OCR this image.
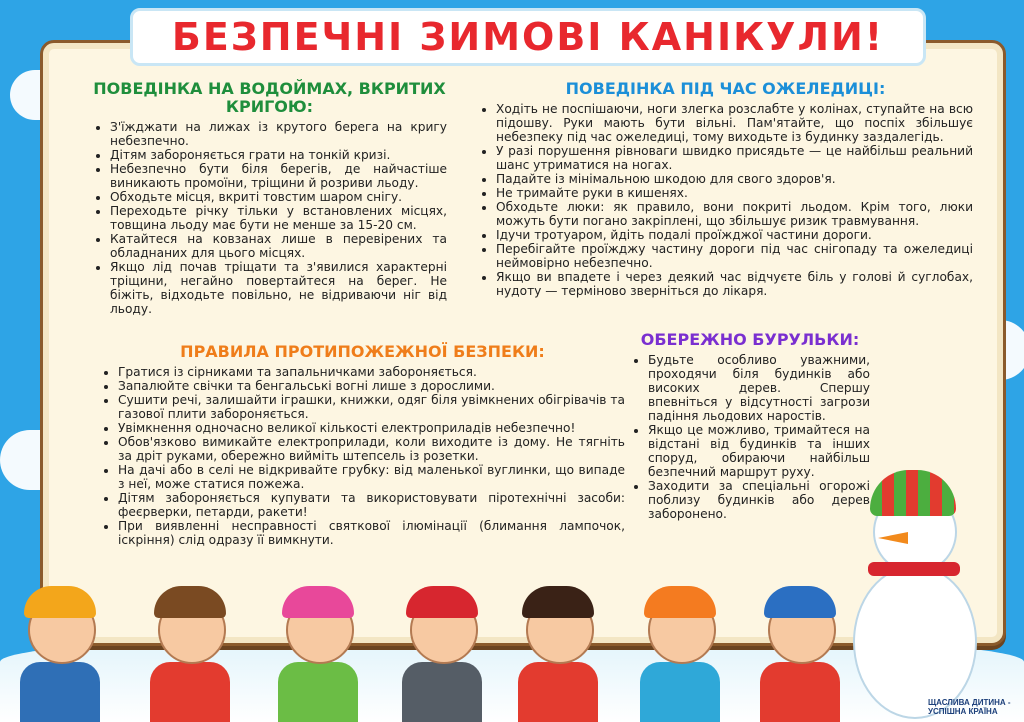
БЕЗПЕЧНІ ЗИМОВІ КАНІКУЛИ!
ПОВЕДІНКА НА ВОДОЙМАХ, ВКРИТИХ КРИГОЮ:
• З'їжджати на лижах із крутого берега на кригу небезпечно.
• Дітям забороняється грати на тонкій кризі.
• Небезпечно бути біля берегів, де найчастіше виникають промоїни, тріщини й розриви льоду.
• Обходьте місця, вкриті товстим шаром снігу.
• Переходьте річку тільки у встановлених місцях, товщина льоду має бути не менше за 15-20 см.
• Катайтеся на ковзанах лише в перевірених та обладнаних для цього місцях.
• Якщо лід почав тріщати та з'явилися характерні тріщини, негайно повертайтеся на берег. Не біжіть, відходьте повільно, не відриваючи ніг від льоду.
ПОВЕДІНКА ПІД ЧАС ОЖЕЛЕДИЦІ:
• Ходіть не поспішаючи, ноги злегка розслабте у колінах, ступайте на всю підошву. Руки мають бути вільні. Пам'ятайте, що поспіх збільшує небезпеку під час ожеледиці, тому виходьте із будинку заздалегідь.
• У разі порушення рівноваги швидко присядьте — це найбільш реальний шанс утриматися на ногах.
• Падайте із мінімальною шкодою для свого здоров'я.
• Не тримайте руки в кишенях.
• Обходьте люки: як правило, вони покриті льодом. Крім того, люки можуть бути погано закріплені, що збільшує ризик травмування.
• Ідучи тротуаром, йдіть подалі проїжджої частини дороги.
• Перебігайте проїжджу частину дороги під час снігопаду та ожеледиці неймовірно небезпечно.
• Якщо ви впадете і через деякий час відчуєте біль у голові й суглобах, нудоту — терміново зверніться до лікаря.
ПРАВИЛА ПРОТИПОЖЕЖНОЇ БЕЗПЕКИ:
• Гратися із сірниками та запальничками забороняється.
• Запалюйте свічки та бенгальські вогні лише з дорослими.
• Сушити речі, залишайти іграшки, книжки, одяг біля увімкнених обігрівачів та газової плити забороняється.
• Увімкнення одночасно великої кількості електроприладів небезпечно!
• Обов'язково вимикайте електроприлади, коли виходите із дому. Не тягніть за дріт руками, обережно вийміть штепсель із розетки.
• На дачі або в селі не відкривайте грубку: від маленької вуглинки, що випаде з неї, може статися пожежа.
• Дітям забороняється купувати та використовувати піротехнічні засоби: феєрверки, петарди, ракети!
• При виявленні несправності святкової ілюмінації (блимання лампочок, іскріння) слід одразу її вимкнути.
ОБЕРЕЖНО БУРУЛЬКИ:
• Будьте особливо уважними, проходячи біля будинків або високих дерев. Спершу впевніться у відсутності загрози падіння льодових наростів.
• Якщо це можливо, тримайтеся на відстані від будинків та інших споруд, обираючи найбільш безпечний маршрут руху.
• Заходити за спеціальні огорожі поблизу будинків або дерев заборонено.
ЩАСЛИВА ДИТИНА - УСПІШНА КРАЇНА
